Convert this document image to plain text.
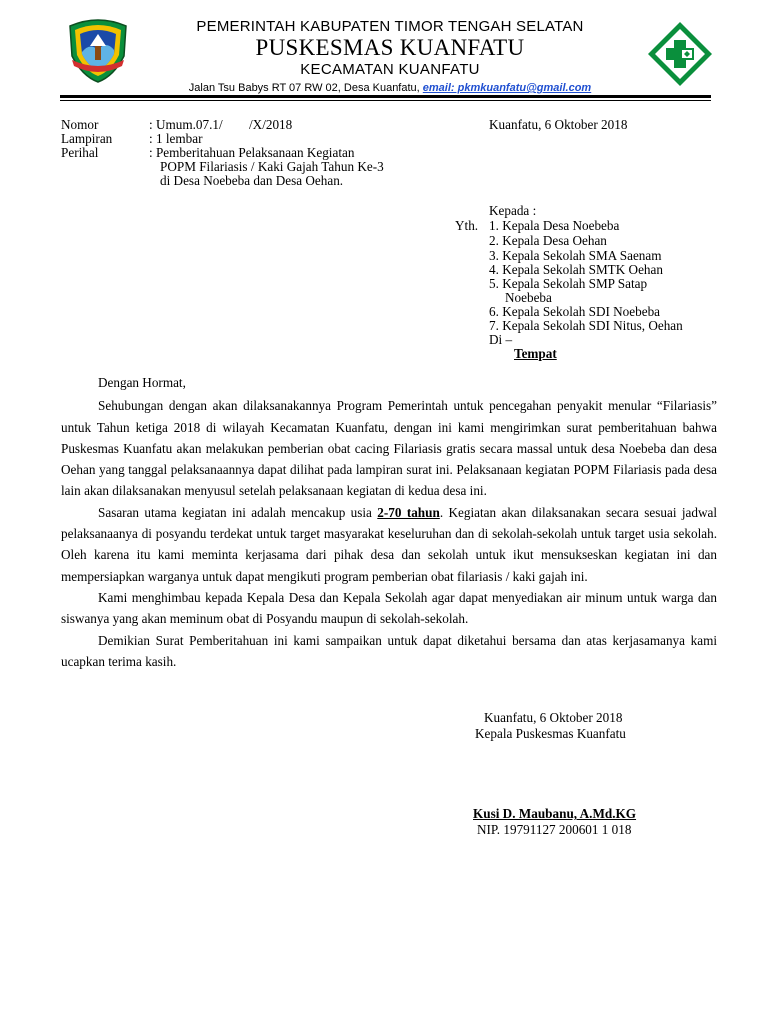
PEMERINTAH KABUPATEN TIMOR TENGAH SELATAN
PUSKESMAS KUANFATU
KECAMATAN KUANFATU
Jalan Tsu Babys RT 07 RW 02, Desa Kuanfatu, email: pkmkuanfatu@gmail.com
Nomor	: Umum.07.1/        /X/2018	Kuanfatu, 6 Oktober 2018
Lampiran	: 1 lembar
Perihal	: Pemberitahuan Pelaksanaan Kegiatan
POPM Filariasis / Kaki Gajah Tahun Ke-3
di Desa Noebeba dan Desa Oehan.
Kepada :
Yth. 1. Kepala Desa Noebeba
2. Kepala Desa Oehan
3. Kepala Sekolah SMA Saenam
4. Kepala Sekolah SMTK Oehan
5. Kepala Sekolah SMP Satap
Noebeba
6. Kepala Sekolah SDI Noebeba
7. Kepala Sekolah SDI Nitus, Oehan
Di –
Tempat

Dengan Hormat,

Sehubungan dengan akan dilaksanakannya Program Pemerintah untuk pencegahan penyakit menular “Filariasis” untuk Tahun ketiga 2018 di wilayah Kecamatan Kuanfatu, dengan ini kami mengirimkan surat pemberitahuan bahwa Puskesmas Kuanfatu akan melakukan pemberian obat cacing Filariasis gratis secara massal untuk desa Noebeba dan desa Oehan yang tanggal pelaksanaannya dapat dilihat pada lampiran surat ini. Pelaksanaan kegiatan POPM Filariasis pada desa lain akan dilaksanakan menyusul setelah pelaksanaan kegiatan di kedua desa ini.

Sasaran utama kegiatan ini adalah mencakup usia 2-70 tahun. Kegiatan akan dilaksanakan secara sesuai jadwal pelaksanaanya di posyandu terdekat untuk target masyarakat keseluruhan dan di sekolah-sekolah untuk target usia sekolah. Oleh karena itu kami meminta kerjasama dari pihak desa dan sekolah untuk ikut mensukseskan kegiatan ini dan mempersiapkan warganya untuk dapat mengikuti program pemberian obat filariasis / kaki gajah ini.

Kami menghimbau kepada Kepala Desa dan Kepala Sekolah agar dapat menyediakan air minum untuk warga dan siswanya yang akan meminum obat di Posyandu maupun di sekolah-sekolah.

Demikian Surat Pemberitahuan ini kami sampaikan untuk dapat diketahui bersama dan atas kerjasamanya kami ucapkan terima kasih.

Kuanfatu, 6 Oktober 2018
Kepala Puskesmas Kuanfatu
Kusi D. Maubanu, A.Md.KG
NIP. 19791127 200601 1 018
